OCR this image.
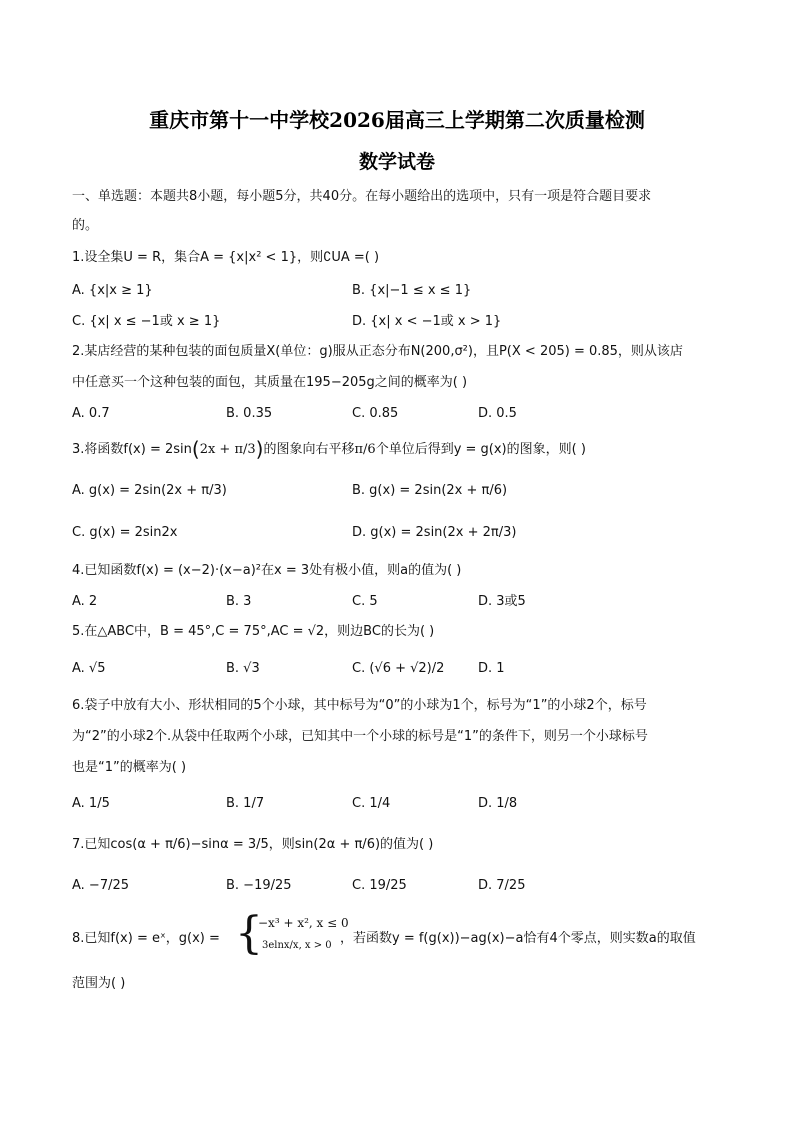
重庆市第十一中学校2026届高三上学期第二次质量检测
数学试卷
一、单选题：本题共8小题，每小题5分，共40分。在每小题给出的选项中，只有一项是符合题目要求
的。
1.设全集U = R，集合A = {x|x² < 1}，则∁UA =( )
A. {x|x ≥ 1}	B. {x|−1 ≤ x ≤ 1}
C. {x| x ≤ −1或 x ≥ 1}	D. {x| x < −1或 x > 1}
2.某店经营的某种包装的面包质量X(单位：g)服从正态分布N(200,σ²)，且P(X < 205) = 0.85，则从该店
中任意买一个这种包装的面包，其质量在195−205g之间的概率为( )
A. 0.7	B. 0.35	C. 0.85	D. 0.5
3.将函数f(x) = 2sin(2x + π/3)的图象向右平移π/6个单位后得到y = g(x)的图象，则( )
A. g(x) = 2sin(2x + π/3)	B. g(x) = 2sin(2x + π/6)
C. g(x) = 2sin2x	D. g(x) = 2sin(2x + 2π/3)
4.已知函数f(x) = (x−2)·(x−a)²在x = 3处有极小值，则a的值为( )
A. 2	B. 3	C. 5	D. 3或5
5.在△ABC中，B = 45°,C = 75°,AC = √2，则边BC的长为( )
A. √5	B. √3	C. (√6 + √2)/2	D. 1
6.袋子中放有大小、形状相同的5个小球，其中标号为“0”的小球为1个，标号为“1”的小球2个，标号
为“2”的小球2个.从袋中任取两个小球，已知其中一个小球的标号是“1”的条件下，则另一个小球标号
也是“1”的概率为( )
A. 1/5	B. 1/7	C. 1/4	D. 1/8
7.已知cos(α + π/6)−sinα = 3/5，则sin(2α + π/6)的值为( )
A. −7/25	B. −19/25	C. 19/25	D. 7/25
8.已知f(x) = eˣ，g(x) = {
−x³ + x², x ≤ 0
3elnx/x, x > 0 ，若函数y = f(g(x))−ag(x)−a恰有4个零点，则实数a的取值
范围为( )
